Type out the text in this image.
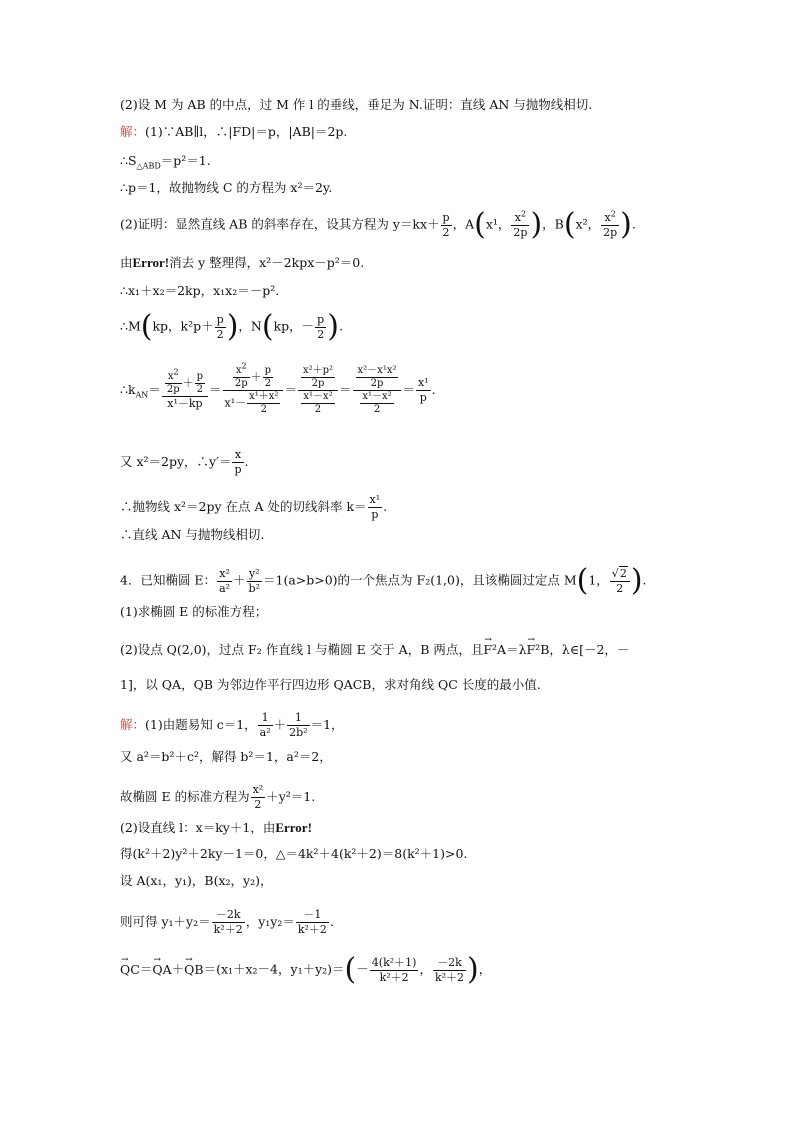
(2)设 M 为 AB 的中点，过 M 作 l 的垂线，垂足为 N.证明：直线 AN 与抛物线相切.
解：(1)∵AB∥l，∴|FD|＝p，|AB|＝2p.
$\therefore S_{\triangle ABD}=p^2=1$.
∴p＝1，故抛物线 C 的方程为 x²＝2y.
(2)证明：显然直线 AB 的斜率存在，设其方程为 $y=kx+ \frac{p}{2}$ ，A(x¹， $\frac{x^2}{2p}$ )，B(x²， $\frac{x^2}{2p}$ ).
由Error!消去 y 整理得，x²－2kpx－p²＝0.
∴x₁＋x₂＝2kp，x₁x₂＝－p².
∴M(kp，$k^2p+ \frac{p}{2}$ )，N(kp，－ $\frac{p}{2}$ ).
$\therefore k_{AN}= \frac{\frac{x^2}{2p} + \frac{p}{2}}{\text{x¹－kp}} = \frac{\frac{x^2}{2p} + \frac{p}{2}}{x^1- \frac{\text{x¹＋x²}}{2}} = \frac{\frac{\text{x²＋p²}}{2p}}{\frac{\text{x¹－x²}}{2}} = \frac{\frac{\text{x²－x¹x²}}{2p}}{\frac{\text{x¹－x²}}{2}} = \frac{\text{x¹}}{p}$ .
又 x²＝2py，∴y′＝ $\frac{x}{p}$ .
∴抛物线 x²＝2py 在点 A 处的切线斜率 $k= \frac{\text{x¹}}{p}$ .
∴直线 AN 与抛物线相切.
4．已知椭圆 E： $\frac{\text{x²}}{\text{a²}} + \frac{\text{y²}}{\text{b²}} =1(a>b>0)$的一个焦点为 F₂(1,0)，且该椭圆过定点 M(1， $\frac{√2}{2}$ ).
(1)求椭圆 E 的标准方程；
(2)设点 Q(2,0)，过点 F₂ 作直线 l 与椭圆 E 交于 A，B 两点，且→ F²A＝λ→ F²B，λ∈[－2，－
1]，以 QA，QB 为邻边作平行四边形 QACB，求对角线 QC 长度的最小值.
解：(1)由题易知 c＝1， $\frac{1}{\text{a²}} + \frac{1}{\text{2b²}} =1$，
又 a²＝b²＋c²，解得 b²＝1，a²＝2，
故椭圆 E 的标准方程为 $\frac{\text{x²}}{2} +y^2=1$.
(2)设直线 l：x＝ky＋1，由Error!
得(k²＋2)y²＋2ky－1＝0，△＝4k²＋4(k²＋2)＝8(k²＋1)>0.
设 A(x₁，y₁)，B(x₂，y₂)，
则可得 $y_1+y_2= \frac{-2k}{\text{k²＋2}}$ ，$y_1y_2= \frac{-1}{\text{k²＋2}}$ .
→ QC＝→ QA＋→ QB＝(x₁＋x₂－4，$y_1+y_2)=(- \frac{\text{4(k²＋1)}}{\text{k²＋2}}$ ， $\frac{-2k}{\text{k²＋2}}$ )，
